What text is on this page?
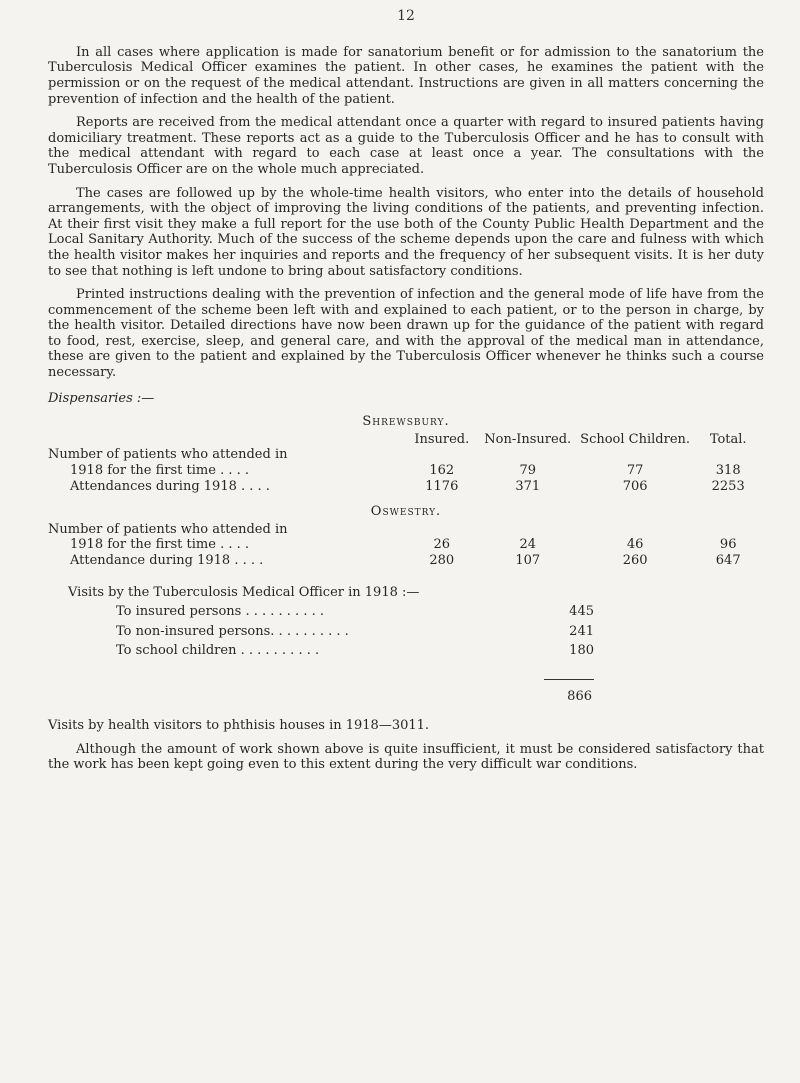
12

In all cases where application is made for sanatorium benefit or for admission to the sanatorium the Tuberculosis Medical Officer examines the patient. In other cases, he examines the patient with the permission or on the request of the medical attendant. Instructions are given in all matters concerning the prevention of infection and the health of the patient.

Reports are received from the medical attendant once a quarter with regard to insured patients having domiciliary treatment. These reports act as a guide to the Tuberculosis Officer and he has to consult with the medical attendant with regard to each case at least once a year. The consultations with the Tuberculosis Officer are on the whole much appreciated.

The cases are followed up by the whole-time health visitors, who enter into the details of household arrangements, with the object of improving the living conditions of the patients, and preventing infection. At their first visit they make a full report for the use both of the County Public Health Department and the Local Sanitary Authority. Much of the success of the scheme depends upon the care and fulness with which the health visitor makes her inquiries and reports and the frequency of her subsequent visits. It is her duty to see that nothing is left undone to bring about satisfactory conditions.

Printed instructions dealing with the prevention of infection and the general mode of life have from the commencement of the scheme been left with and explained to each patient, or to the person in charge, by the health visitor. Detailed directions have now been drawn up for the guidance of the patient with regard to food, rest, exercise, sleep, and general care, and with the approval of the medical man in attendance, these are given to the patient and explained by the Tuberculosis Officer whenever he thinks such a course necessary.

Dispensaries :—
Shrewsbury.
	Insured.	Non-Insured.	School Children.	Total.

Number of patients who attended in
1918 for the first time . . . .	162	79	77	318
Attendances during 1918 . . . .	1176	371	706	2253
Oswestry.
Number of patients who attended in
1918 for the first time . . . .	26	24	46	96
Attendance during 1918 . . . .	280	107	260	647
Visits by the Tuberculosis Medical Officer in 1918 :—
To insured persons . . . . . . . . . .	445
To non-insured persons. . . . . . . . . .	241
To school children . . . . . . . . . .	180
866

Visits by health visitors to phthisis houses in 1918—3011.

Although the amount of work shown above is quite insufficient, it must be considered satisfactory that the work has been kept going even to this extent during the very difficult war conditions.
